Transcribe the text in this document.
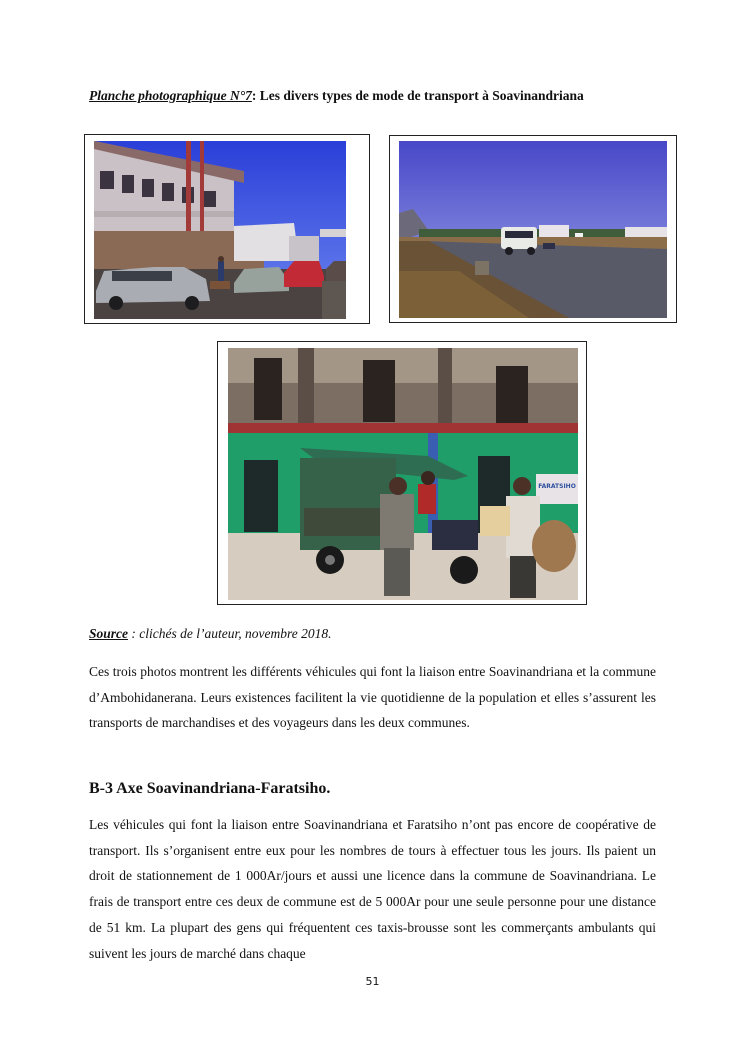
Planche photographique N°7: Les divers types de mode de transport à Soavinandriana
FARATSIHO
Source : clichés de l’auteur, novembre 2018.

Ces trois photos montrent les différents véhicules qui font la liaison entre Soavinandriana et la commune d’Ambohidanerana. Leurs existences facilitent la vie quotidienne de la population et elles s’assurent les transports de marchandises et des voyageurs dans les deux communes.

B-3 Axe Soavinandriana-Faratsiho.

Les véhicules qui font la liaison entre Soavinandriana et Faratsiho n’ont pas encore de coopérative de transport. Ils s’organisent entre eux pour les nombres de tours à effectuer tous les jours. Ils paient un droit de stationnement de 1 000Ar/jours et aussi une licence dans la commune de Soavinandriana. Le frais de transport entre ces deux de commune est de 5 000Ar pour une seule personne pour une distance de 51 km. La plupart des gens qui fréquentent ces taxis-brousse sont les commerçants ambulants qui suivent les jours de marché dans chaque

51
